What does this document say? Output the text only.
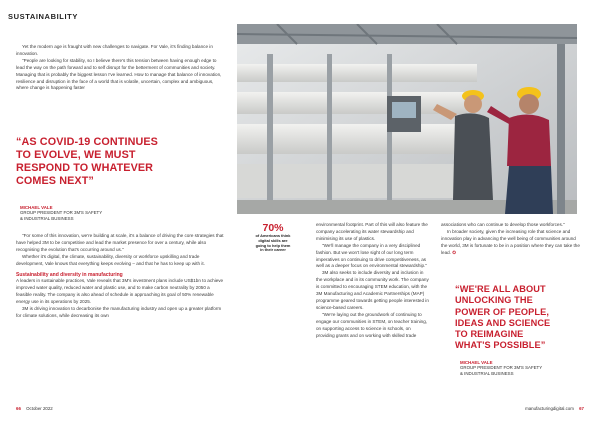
SUSTAINABILITY

Yet the modern age is fraught with new challenges to navigate. For Vale, it's finding balance in innovation.

"People are looking for stability, so I believe there's this tension between having enough edge to lead the way on the path forward and to self disrupt for the betterment of communities and society. Managing that is probably the biggest lesson I've learned. How to manage that balance of innovation, resilience and disruption in the face of a world that is volatile, uncertain, complex and ambiguous, where change is happening faster

“AS COVID-19 CONTINUES
TO EVOLVE, WE MUST
RESPOND TO WHATEVER
COMES NEXT”
MICHAEL VALE
GROUP PRESIDENT FOR 3M'S SAFETY
& INDUSTRIAL BUSINESS

"For some of this innovation, we're building at scale, it's a balance of driving the core strategies that have helped 3M to be competitive and lead the market presence for over a century, while also recognising the evolution that's occurring around us."

Whether it's digital, the climate, sustainability, diversity or workforce upskilling and trade development, Vale knows that everything keeps evolving – and that he has to keep up with it.

Sustainability and diversity in manufacturing

A leaders in sustainable practices, Vale reveals that 3M's investment plans include US$1bn to achieve improved water quality, reduced water and plastic use, and to make carbon neutrality by 2050 a feasible reality. The company is also ahead of schedule in approaching its goal of 50% renewable energy use in its operations by 2025.

3M is driving innovation to decarbonise the manufacturing industry and open up a greater platform for climate solutions, while decreasing its own

70%
of Americans think
digital skills are
going to help them
in their career

environmental footprint. Part of this will also feature the company accelerating its water stewardship and minimising its use of plastics.

"We'll manage the company in a very disciplined fashion. But we won't lose sight of our long term imperatives on continuing to drive competitiveness, as well as a deeper focus on environmental stewardship."

3M also seeks to include diversity and inclusion in the workplace and in its community work. The company is committed to encouraging STEM education, with the 3M Manufacturing and Academic Partnerships (MAP) programme geared towards getting people interested in science-based careers.

"We're laying out the groundwork of continuing to engage our communities in STEM, on teacher training, on supporting access to science in schools, on providing grants and on working with skilled trade

associations who can continue to develop those workforces."

In broader society, given the increasing role that science and innovation play in advancing the well being of communities around the world, 3M is fortunate to be in a position where they can take the lead. ✪

“WE'RE ALL ABOUT
UNLOCKING THE
POWER OF PEOPLE,
IDEAS AND SCIENCE
TO REIMAGINE
WHAT'S POSSIBLE”
MICHAEL VALE
GROUP PRESIDENT FOR 3M'S SAFETY
& INDUSTRIAL BUSINESS
66 October 2022	manufacturingdigital.com 67
